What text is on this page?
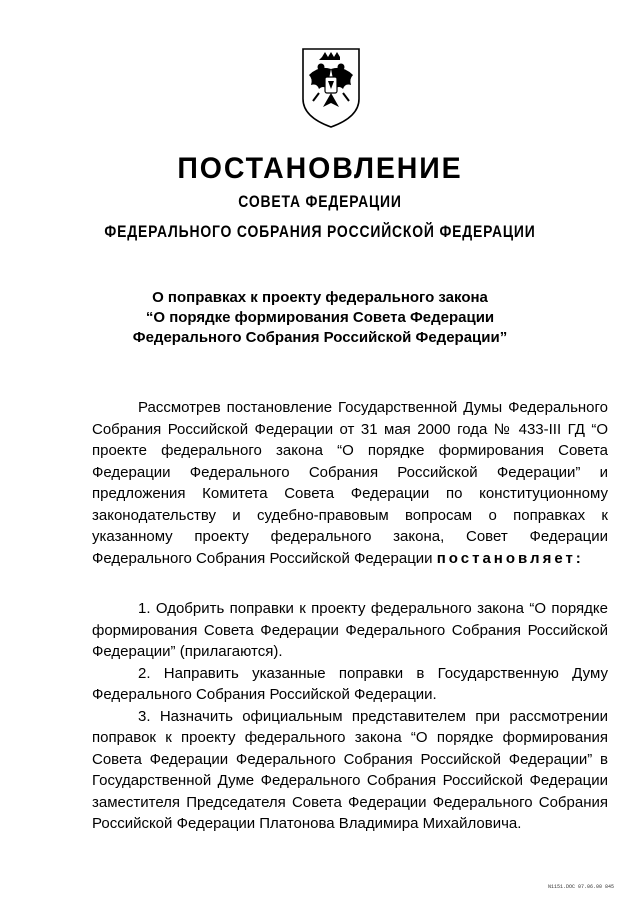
ПОСТАНОВЛЕНИЕ
СОВЕТА ФЕДЕРАЦИИ
ФЕДЕРАЛЬНОГО СОБРАНИЯ РОССИЙСКОЙ ФЕДЕРАЦИИ
О поправках к проекту федерального закона
“О порядке формирования Совета Федерации
Федерального Собрания Российской Федерации”

Рассмотрев постановление Государственной Думы Федерального Собрания Российской Федерации от 31 мая 2000 года № 433-III ГД “О проекте федерального закона “О порядке формирования Совета Федерации Федерального Собрания Российской Федерации” и предложения Комитета Совета Федерации по конституционному законодательству и судебно-правовым вопросам о поправках к указанному проекту федерального закона, Совет Федерации Федерального Собрания Российской Федерации постановляет:

1. Одобрить поправки к проекту федерального закона “О порядке формирования Совета Федерации Федерального Собрания Российской Федерации” (прилагаются).

2. Направить указанные поправки в Государственную Думу Федерального Собрания Российской Федерации.

3. Назначить официальным представителем при рассмотрении поправок к проекту федерального закона “О порядке формирования Совета Федерации Федерального Собрания Российской Федерации” в Государственной Думе Федерального Собрания Российской Федерации заместителя Председателя Совета Федерации Федерального Собрания Российской Федерации Платонова Владимира Михайловича.

N1151.DOC 07.06.00 845
